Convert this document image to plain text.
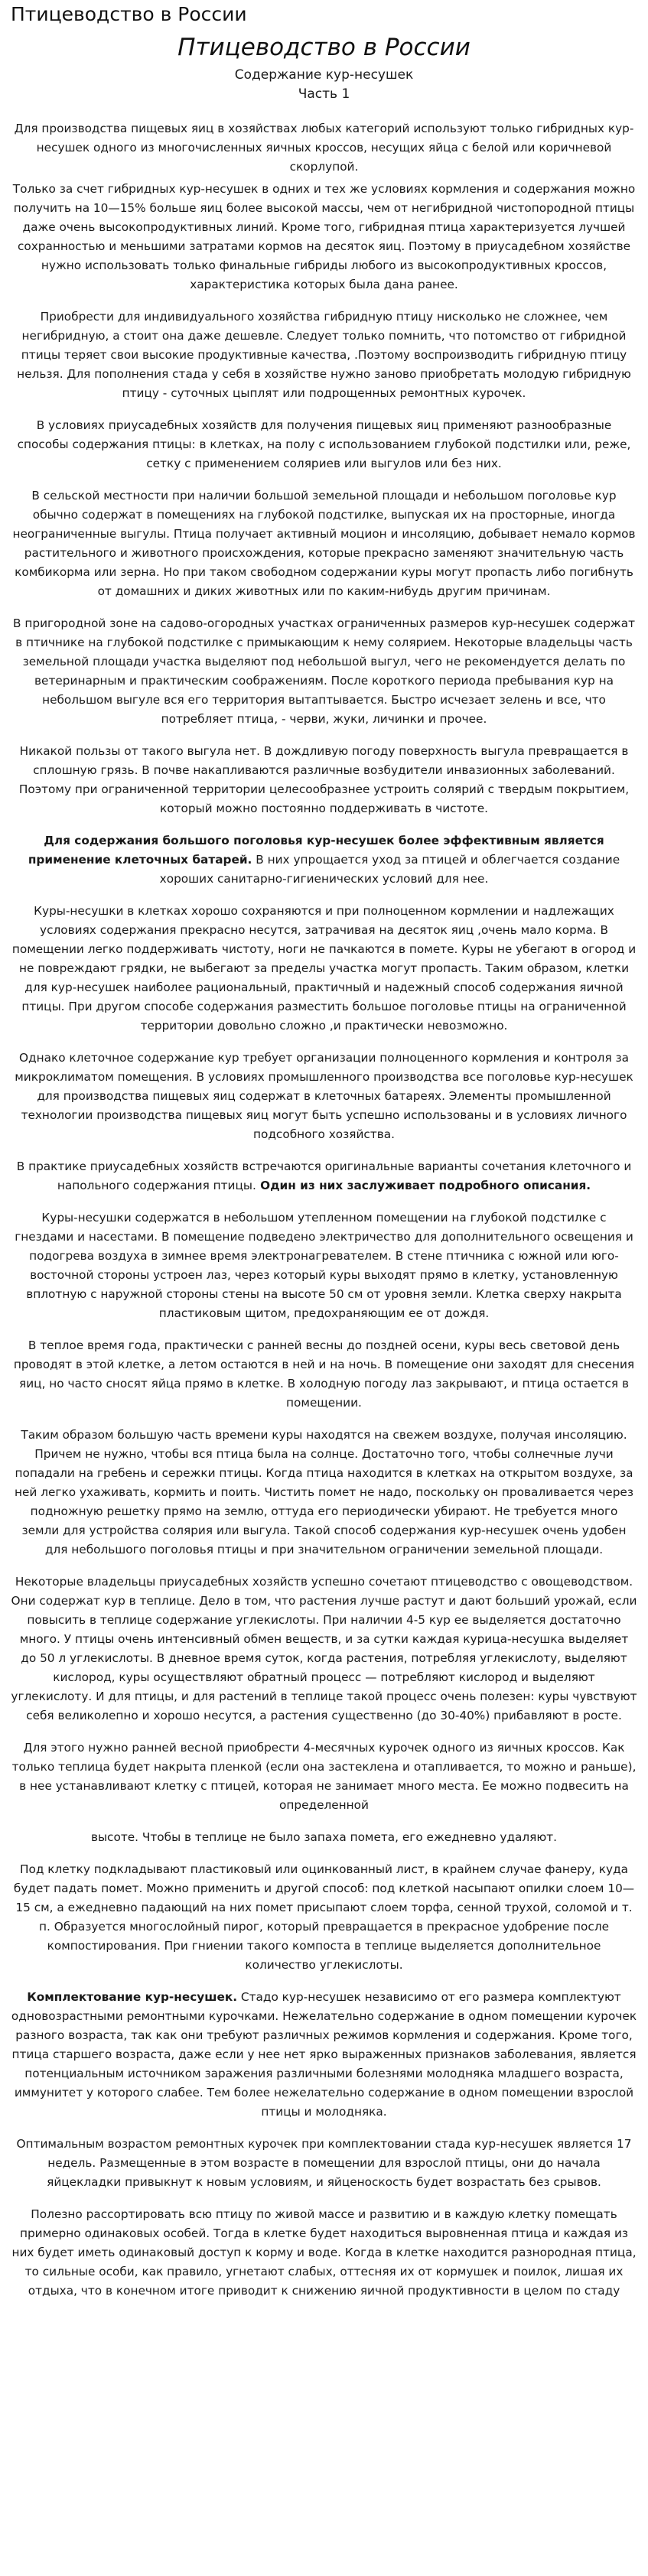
Птицеводство в России
Птицеводство в России
Содержание кур-несушек
Часть 1

Для производства пищевых яиц в хозяйствах любых категорий используют только гибридных кур-несушек одного из многочисленных яичных кроссов, несущих яйца с белой или коричневой скорлупой.

Только за счет гибридных кур-несушек в одних и тех же условиях кормления и содержания можно получить на 10—15% больше яиц более высокой массы, чем от негибридной чистопородной птицы даже очень высокопродуктивных линий. Кроме того, гибридная птица характеризуется лучшей сохранностью и меньшими затратами кормов на десяток яиц. Поэтому в приусадебном хозяйстве нужно использовать только финальные гибриды любого из высокопродуктивных кроссов, характеристика которых была дана ранее.

Приобрести для индивидуального хозяйства гибридную птицу нисколько не сложнее, чем негибридную, а стоит она даже дешевле. Следует только помнить, что потомство от гибридной птицы теряет свои высокие продуктивные качества, .Поэтому воспроизводить гибридную птицу нельзя. Для пополнения стада у себя в хозяйстве нужно заново приобретать молодую гибридную птицу - суточных цыплят или подрощенных ремонтных курочек.

В условиях приусадебных хозяйств для получения пищевых яиц применяют разнообразные способы содержания птицы: в клетках, на полу с использованием глубокой подстилки или, реже, сетку с применением соляриев или выгулов или без них.

В сельской местности при наличии большой земельной площади и небольшом поголовье кур обычно содержат в помещениях на глубокой подстилке, выпуская их на просторные, иногда неограниченные выгулы. Птица получает активный моцион и инсоляцию, добывает немало кормов растительного и животного происхождения, которые прекрасно заменяют значительную часть комбикорма или зерна. Но при таком свободном содержании куры могут пропасть либо погибнуть от домашних и диких животных или по каким-нибудь другим причинам.

В пригородной зоне на садово-огородных участках ограниченных размеров кур-несушек содержат в птичнике на глубокой подстилке с примыкающим к нему солярием. Некоторые владельцы часть земельной площади участка выделяют под небольшой выгул, чего не рекомендуется делать по ветеринарным и практическим соображениям. После короткого периода пребывания кур на небольшом выгуле вся его территория вытаптывается. Быстро исчезает зелень и все, что потребляет птица, - черви, жуки, личинки и прочее.

Никакой пользы от такого выгула нет. В дождливую погоду поверхность выгула превращается в сплошную грязь. В почве накапливаются различные возбудители инвазионных заболеваний. Поэтому при ограниченной территории целесообразнее устроить солярий с твердым покрытием, который можно постоянно поддерживать в чистоте.

Для содержания большого поголовья кур-несушек более эффективным является применение клеточных батарей. В них упрощается уход за птицей и облегчается создание хороших санитарно-гигиенических условий для нее.

Куры-несушки в клетках хорошо сохраняются и при полноценном кормлении и надлежащих условиях содержания прекрасно несутся, затрачивая на десяток яиц ,очень мало корма. В помещении легко поддерживать чистоту, ноги не пачкаются в помете. Куры не убегают в огород и не повреждают грядки, не выбегают за пределы участка могут пропасть. Таким образом, клетки для кур-несушек наиболее рациональный, практичный и надежный способ содержания яичной птицы. При другом способе содержания разместить большое поголовье птицы на ограниченной территории довольно сложно ,и практически невозможно.

Однако клеточное содержание кур требует организации полноценного кормления и контроля за микроклиматом помещения. В условиях промышленного производства все поголовье кур-несушек для производства пищевых яиц содержат в клеточных батареях. Элементы промышленной технологии производства пищевых яиц могут быть успешно использованы и в условиях личного подсобного хозяйства.

В практике приусадебных хозяйств встречаются оригинальные варианты сочетания клеточного и напольного содержания птицы. Один из них заслуживает подробного описания.

Куры-несушки содержатся в небольшом утепленном помещении на глубокой подстилке с гнездами и насестами. В помещение подведено электричество для дополнительного освещения и подогрева воздуха в зимнее время электронагревателем. В стене птичника с южной или юго-восточной стороны устроен лаз, через который куры выходят прямо в клетку, установленную вплотную с наружной стороны стены на высоте 50 см от уровня земли. Клетка сверху накрыта пластиковым щитом, предохраняющим ее от дождя.

В теплое время года, практически с ранней весны до поздней осени, куры весь световой день проводят в этой клетке, а летом остаются в ней и на ночь. В помещение они заходят для снесения яиц, но часто сносят яйца прямо в клетке. В холодную погоду лаз закрывают, и птица остается в помещении.

Таким образом большую часть времени куры находятся на свежем воздухе, получая инсоляцию. Причем не нужно, чтобы вся птица была на солнце. Достаточно того, чтобы солнечные лучи попадали на гребень и сережки птицы. Когда птица находится в клетках на открытом воздухе, за ней легко ухаживать, кормить и поить. Чистить помет не надо, поскольку он проваливается через подножную решетку прямо на землю, оттуда его периодически убирают. Не требуется много земли для устройства солярия или выгула. Такой способ содержания кур-несушек очень удобен для небольшого поголовья птицы и при значительном ограничении земельной площади.

Некоторые владельцы приусадебных хозяйств успешно сочетают птицеводство с овощеводством. Они содержат кур в теплице. Дело в том, что растения лучше растут и дают больший урожай, если повысить в теплице содержание углекислоты. При наличии 4-5 кур ее выделяется достаточно много. У птицы очень интенсивный обмен веществ, и за сутки каждая курица-несушка выделяет до 50 л углекислоты. В дневное время суток, когда растения, потребляя углекислоту, выделяют кислород, куры осуществляют обратный процесс — потребляют кислород и выделяют углекислоту. И для птицы, и для растений в теплице такой процесс очень полезен: куры чувствуют себя великолепно и хорошо несутся, а растения существенно (до 30-40%) прибавляют в росте.

Для этого нужно ранней весной приобрести 4-месячных курочек одного из яичных кроссов. Как только теплица будет накрыта пленкой (если она застеклена и отапливается, то можно и раньше), в нее устанавливают клетку с птицей, которая не занимает много места. Ее можно подвесить на определенной

высоте. Чтобы в теплице не было запаха помета, его ежедневно удаляют.

Под клетку подкладывают пластиковый или оцинкованный лист, в крайнем случае фанеру, куда будет падать помет. Можно применить и другой способ: под клеткой насыпают опилки слоем 10—15 см, а ежедневно падающий на них помет присыпают слоем торфа, сенной трухой, соломой и т. п. Образуется многослойный пирог, который превращается в прекрасное удобрение после компостирования. При гниении такого компоста в теплице выделяется дополнительное количество углекислоты.

Комплектование кур-несушек. Стадо кур-несушек независимо от его размера комплектуют одновозрастными ремонтными курочками. Нежелательно содержание в одном помещении курочек разного возраста, так как они требуют различных режимов кормления и содержания. Кроме того, птица старшего возраста, даже если у нее нет ярко выраженных признаков заболевания, является потенциальным источником заражения различными болезнями молодняка младшего возраста, иммунитет у которого слабее. Тем более нежелательно содержание в одном помещении взрослой птицы и молодняка.

Оптимальным возрастом ремонтных курочек при комплектовании стада кур-несушек является 17 недель. Размещенные в этом возрасте в помещении для взрослой птицы, они до начала яйцекладки привыкнут к новым условиям, и яйценоскость будет возрастать без срывов.

Полезно рассортировать всю птицу по живой массе и развитию и в каждую клетку помещать примерно одинаковых особей. Тогда в клетке будет находиться выровненная птица и каждая из них будет иметь одинаковый доступ к корму и воде. Когда в клетке находится разнородная птица, то сильные особи, как правило, угнетают слабых, оттесняя их от кормушек и поилок, лишая их отдыха, что в конечном итоге приводит к снижению яичной продуктивности в целом по стаду
